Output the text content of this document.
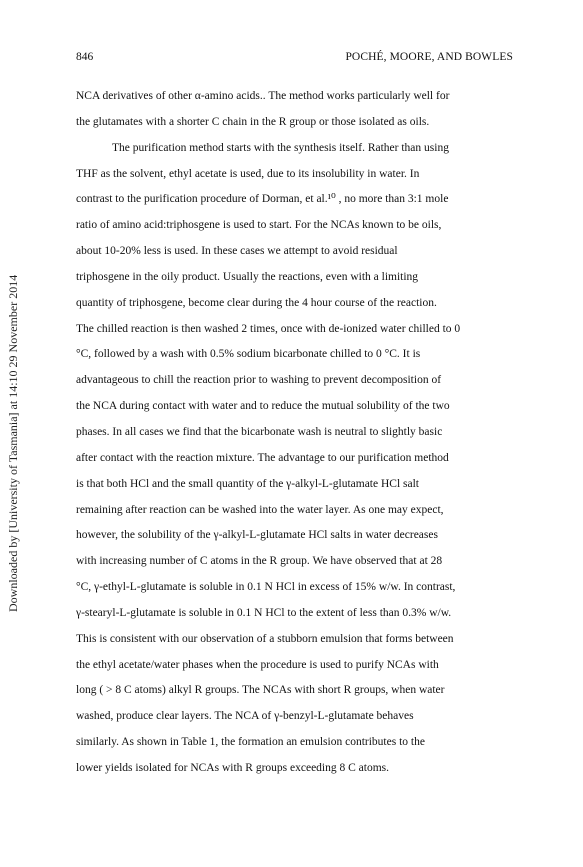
846	POCHÉ, MOORE, AND BOWLES
Downloaded by [University of Tasmania] at 14:10 29 November 2014
NCA derivatives of other α-amino acids.. The method works particularly well for
the glutamates with a shorter C chain in the R group or those isolated as oils.
The purification method starts with the synthesis itself. Rather than using
THF as the solvent, ethyl acetate is used, due to its insolubility in water. In
contrast to the purification procedure of Dorman, et al.¹⁰ , no more than 3:1 mole
ratio of amino acid:triphosgene is used to start. For the NCAs known to be oils,
about 10-20% less is used. In these cases we attempt to avoid residual
triphosgene in the oily product. Usually the reactions, even with a limiting
quantity of triphosgene, become clear during the 4 hour course of the reaction.
The chilled reaction is then washed 2 times, once with de-ionized water chilled to 0
°C, followed by a wash with 0.5% sodium bicarbonate chilled to 0 °C. It is
advantageous to chill the reaction prior to washing to prevent decomposition of
the NCA during contact with water and to reduce the mutual solubility of the two
phases. In all cases we find that the bicarbonate wash is neutral to slightly basic
after contact with the reaction mixture. The advantage to our purification method
is that both HCl and the small quantity of the γ-alkyl-L-glutamate HCl salt
remaining after reaction can be washed into the water layer. As one may expect,
however, the solubility of the γ-alkyl-L-glutamate HCl salts in water decreases
with increasing number of C atoms in the R group. We have observed that at 28
°C, γ-ethyl-L-glutamate is soluble in 0.1 N HCl in excess of 15% w/w. In contrast,
γ-stearyl-L-glutamate is soluble in 0.1 N HCl to the extent of less than 0.3% w/w.
This is consistent with our observation of a stubborn emulsion that forms between
the ethyl acetate/water phases when the procedure is used to purify NCAs with
long ( > 8 C atoms) alkyl R groups. The NCAs with short R groups, when water
washed, produce clear layers. The NCA of γ-benzyl-L-glutamate behaves
similarly. As shown in Table 1, the formation an emulsion contributes to the
lower yields isolated for NCAs with R groups exceeding 8 C atoms.
